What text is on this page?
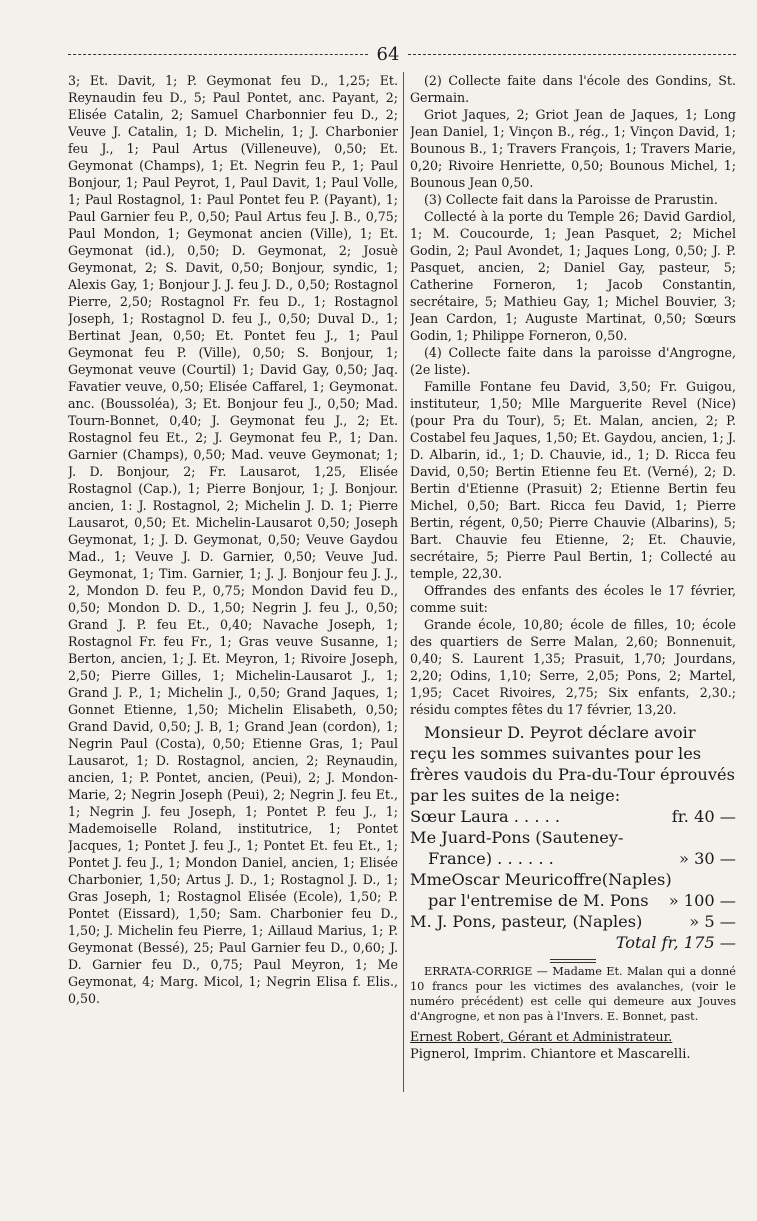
64

3; Et. Davit, 1; P. Geymonat feu D., 1,25; Et. Reynaudin feu D., 5; Paul Pontet, anc. Payant, 2; Elisée Catalin, 2; Samuel Charbonnier feu D., 2; Veuve J. Catalin, 1; D. Michelin, 1; J. Charbonier feu J., 1; Paul Artus (Villeneuve), 0,50; Et. Geymonat (Champs), 1; Et. Negrin feu P., 1; Paul Bonjour, 1; Paul Peyrot, 1, Paul Davit, 1; Paul Volle, 1; Paul Rostagnol, 1: Paul Pontet feu P. (Payant), 1; Paul Garnier feu P., 0,50; Paul Artus feu J. B., 0,75; Paul Mondon, 1; Geymonat ancien (Ville), 1; Et. Geymonat (id.), 0,50; D. Geymonat, 2; Josuè Geymonat, 2; S. Davit, 0,50; Bonjour, syndic, 1; Alexis Gay, 1; Bonjour J. J. feu J. D., 0,50; Rostagnol Pierre, 2,50; Rostagnol Fr. feu D., 1; Rostagnol Joseph, 1; Rostagnol D. feu J., 0,50; Duval D., 1; Bertinat Jean, 0,50; Et. Pontet feu J., 1; Paul Geymonat feu P. (Ville), 0,50; S. Bonjour, 1; Geymonat veuve (Courtil) 1; David Gay, 0,50; Jaq. Favatier veuve, 0,50; Elisée Caffarel, 1; Geymonat. anc. (Boussoléa), 3; Et. Bonjour feu J., 0,50; Mad. Tourn-Bonnet, 0,40; J. Geymonat feu J., 2; Et. Rostagnol feu Et., 2; J. Geymonat feu P., 1; Dan. Garnier (Champs), 0,50; Mad. veuve Geymonat; 1; J. D. Bonjour, 2; Fr. Lausarot, 1,25, Elisée Rostagnol (Cap.), 1; Pierre Bonjour, 1; J. Bonjour. ancien, 1: J. Rostagnol, 2; Michelin J. D. 1; Pierre Lausarot, 0,50; Et. Michelin-Lausarot 0,50; Joseph Geymonat, 1; J. D. Geymonat, 0,50; Veuve Gaydou Mad., 1; Veuve J. D. Garnier, 0,50; Veuve Jud. Geymonat, 1; Tim. Garnier, 1; J. J. Bonjour feu J. J., 2, Mondon D. feu P., 0,75; Mondon David feu D., 0,50; Mondon D. D., 1,50; Negrin J. feu J., 0,50; Grand J. P. feu Et., 0,40; Navache Joseph, 1; Rostagnol Fr. feu Fr., 1; Gras veuve Susanne, 1; Berton, ancien, 1; J. Et. Meyron, 1; Rivoire Joseph, 2,50; Pierre Gilles, 1; Michelin-Lausarot J., 1; Grand J. P., 1; Michelin J., 0,50; Grand Jaques, 1; Gonnet Etienne, 1,50; Michelin Elisabeth, 0,50; Grand David, 0,50; J. B, 1; Grand Jean (cordon), 1; Negrin Paul (Costa), 0,50; Etienne Gras, 1; Paul Lausarot, 1; D. Rostagnol, ancien, 2; Reynaudin, ancien, 1; P. Pontet, ancien, (Peui), 2; J. Mondon-Marie, 2; Negrin Joseph (Peui), 2; Negrin J. feu Et., 1; Negrin J. feu Joseph, 1; Pontet P. feu J., 1; Mademoiselle Roland, institutrice, 1; Pontet Jacques, 1; Pontet J. feu J., 1; Pontet Et. feu Et., 1; Pontet J. feu J., 1; Mondon Daniel, ancien, 1; Elisée Charbonier, 1,50; Artus J. D., 1; Rostagnol J. D., 1; Gras Joseph, 1; Rostagnol Elisée (Ecole), 1,50; P. Pontet (Eissard), 1,50; Sam. Charbonier feu D., 1,50; J. Michelin feu Pierre, 1; Aillaud Marius, 1; P. Geymonat (Bessé), 25; Paul Garnier feu D., 0,60; J. D. Garnier feu D., 0,75; Paul Meyron, 1; Me Geymonat, 4; Marg. Micol, 1; Negrin Elisa f. Elis., 0,50.

(2) Collecte faite dans l'école des Gondins, St. Germain.

Griot Jaques, 2; Griot Jean de Jaques, 1; Long Jean Daniel, 1; Vinçon B., rég., 1; Vinçon David, 1; Bounous B., 1; Travers François, 1; Travers Marie, 0,20; Rivoire Henriette, 0,50; Bounous Michel, 1; Bounous Jean 0,50.

(3) Collecte fait dans la Paroisse de Prarustin.

Collecté à la porte du Temple 26; David Gardiol, 1; M. Coucourde, 1; Jean Pasquet, 2; Michel Godin, 2; Paul Avondet, 1; Jaques Long, 0,50; J. P. Pasquet, ancien, 2; Daniel Gay, pasteur, 5; Catherine Forneron, 1; Jacob Constantin, secrétaire, 5; Mathieu Gay, 1; Michel Bouvier, 3; Jean Cardon, 1; Auguste Martinat, 0,50; Sœurs Godin, 1; Philippe Forneron, 0,50.

(4) Collecte faite dans la paroisse d'Angrogne, (2e liste).

Famille Fontane feu David, 3,50; Fr. Guigou, instituteur, 1,50; Mlle Marguerite Revel (Nice) (pour Pra du Tour), 5; Et. Malan, ancien, 2; P. Costabel feu Jaques, 1,50; Et. Gaydou, ancien, 1; J. D. Albarin, id., 1; D. Chauvie, id., 1; D. Ricca feu David, 0,50; Bertin Etienne feu Et. (Verné), 2; D. Bertin d'Etienne (Prasuit) 2; Etienne Bertin feu Michel, 0,50; Bart. Ricca feu David, 1; Pierre Bertin, régent, 0,50; Pierre Chauvie (Albarins), 5; Bart. Chauvie feu Etienne, 2; Et. Chauvie, secrétaire, 5; Pierre Paul Bertin, 1; Collecté au temple, 22,30.

Offrandes des enfants des écoles le 17 février, comme suit:

Grande école, 10,80; école de filles, 10; école des quartiers de Serre Malan, 2,60; Bonnenuit, 0,40; S. Laurent 1,35; Prasuit, 1,70; Jourdans, 2,20; Odins, 1,10; Serre, 2,05; Pons, 2; Martel, 1,95; Cacet Rivoires, 2,75; Six enfants, 2,30.; résidu comptes fêtes du 17 février, 13,20.

Monsieur D. Peyrot déclare avoir reçu les sommes suivantes pour les frères vaudois du Pra-du-Tour éprouvés par les suites de la neige:

Sœur Laura . . . . .	fr. 40 —
Me Juard-Pons (Sauteney-
France) . . . . . .	» 30 —
MmeOscar Meuricoffre(Naples)
par l'entremise de M. Pons » 100 —
M. J. Pons, pasteur, (Naples)	» 5 —
Total fr, 175 —

ERRATA-CORRIGE — Madame Et. Malan qui a donné 10 francs pour les victimes des avalanches, (voir le numéro précédent) est celle qui demeure aux Jouves d'Angrogne, et non pas à l'Invers. E. Bonnet, past.

Ernest Robert, Gérant et Administrateur.

Pignerol, Imprim. Chiantore et Mascarelli.
